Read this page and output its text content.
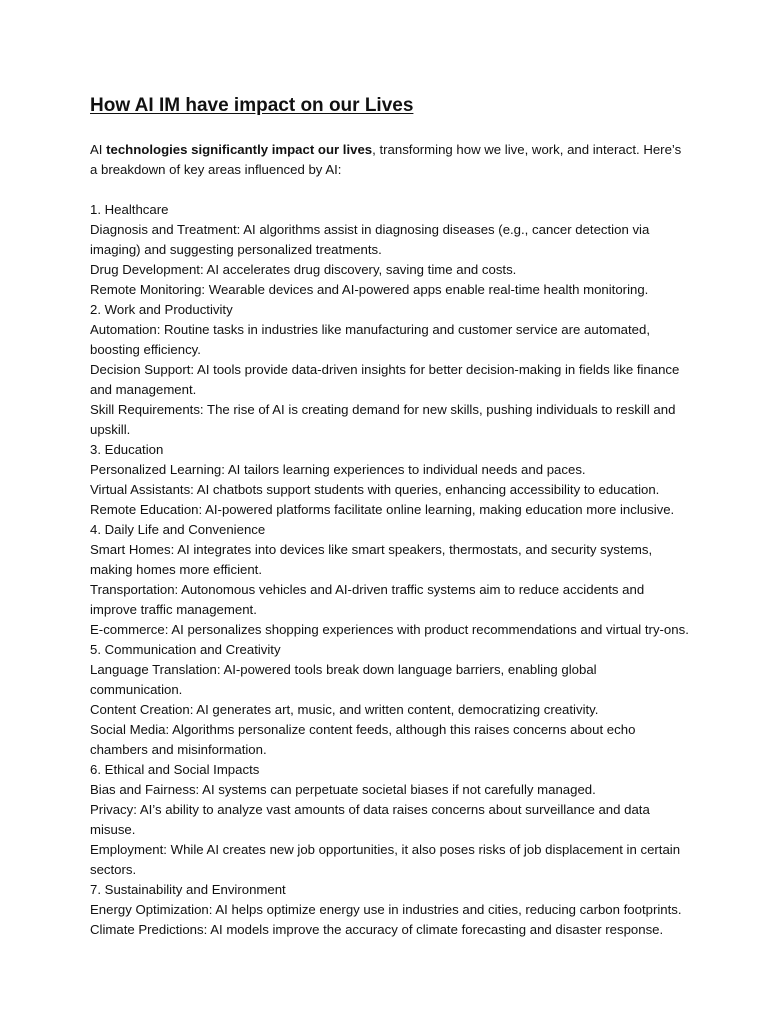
How AI IM have impact on our Lives

AI technologies significantly impact our lives, transforming how we live, work, and interact. Here’s a breakdown of key areas influenced by AI:

1. Healthcare

Diagnosis and Treatment: AI algorithms assist in diagnosing diseases (e.g., cancer detection via imaging) and suggesting personalized treatments.

Drug Development: AI accelerates drug discovery, saving time and costs.

Remote Monitoring: Wearable devices and AI-powered apps enable real-time health monitoring.

2. Work and Productivity

Automation: Routine tasks in industries like manufacturing and customer service are automated, boosting efficiency.

Decision Support: AI tools provide data-driven insights for better decision-making in fields like finance and management.

Skill Requirements: The rise of AI is creating demand for new skills, pushing individuals to reskill and upskill.

3. Education

Personalized Learning: AI tailors learning experiences to individual needs and paces.

Virtual Assistants: AI chatbots support students with queries, enhancing accessibility to education.

Remote Education: AI-powered platforms facilitate online learning, making education more inclusive.

4. Daily Life and Convenience

Smart Homes: AI integrates into devices like smart speakers, thermostats, and security systems, making homes more efficient.

Transportation: Autonomous vehicles and AI-driven traffic systems aim to reduce accidents and improve traffic management.

E-commerce: AI personalizes shopping experiences with product recommendations and virtual try-ons.

5. Communication and Creativity

Language Translation: AI-powered tools break down language barriers, enabling global communication.

Content Creation: AI generates art, music, and written content, democratizing creativity.

Social Media: Algorithms personalize content feeds, although this raises concerns about echo chambers and misinformation.

6. Ethical and Social Impacts

Bias and Fairness: AI systems can perpetuate societal biases if not carefully managed.

Privacy: AI’s ability to analyze vast amounts of data raises concerns about surveillance and data misuse.

Employment: While AI creates new job opportunities, it also poses risks of job displacement in certain sectors.

7. Sustainability and Environment

Energy Optimization: AI helps optimize energy use in industries and cities, reducing carbon footprints.

Climate Predictions: AI models improve the accuracy of climate forecasting and disaster response.
